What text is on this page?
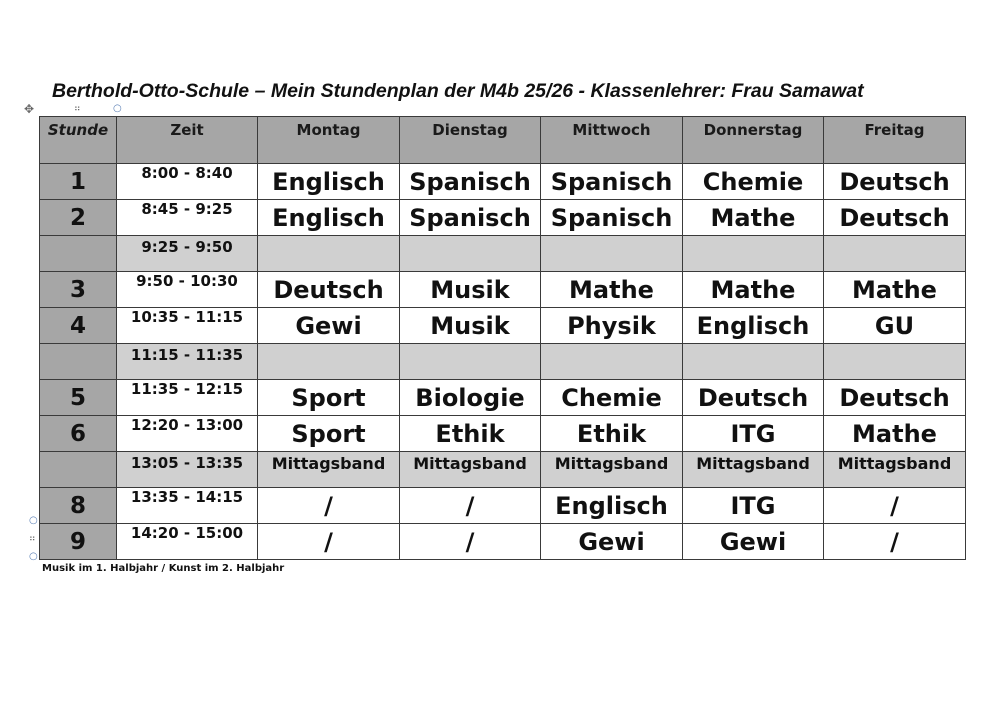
Berthold-Otto-Schule – Mein Stundenplan der M4b 25/26 - Klassenlehrer: Frau Samawat
✥	⠶	○
Stunde	Zeit	Montag	Dienstag	Mittwoch	Donnerstag	Freitag
1	8:00 - 8:40	Englisch	Spanisch	Spanisch	Chemie	Deutsch
2	8:45 - 9:25	Englisch	Spanisch	Spanisch	Mathe	Deutsch
	9:25 - 9:50					
3	9:50 - 10:30	Deutsch	Musik	Mathe	Mathe	Mathe
4	10:35 - 11:15	Gewi	Musik	Physik	Englisch	GU
	11:15 - 11:35					
5	11:35 - 12:15	Sport	Biologie	Chemie	Deutsch	Deutsch
6	12:20 - 13:00	Sport	Ethik	Ethik	ITG	Mathe
	13:05 - 13:35	Mittagsband	Mittagsband	Mittagsband	Mittagsband	Mittagsband
8	13:35 - 14:15	/	/	Englisch	ITG	/
9	14:20 - 15:00	/	/	Gewi	Gewi	/
○
⠶
○
Musik im 1. Halbjahr / Kunst im 2. Halbjahr
